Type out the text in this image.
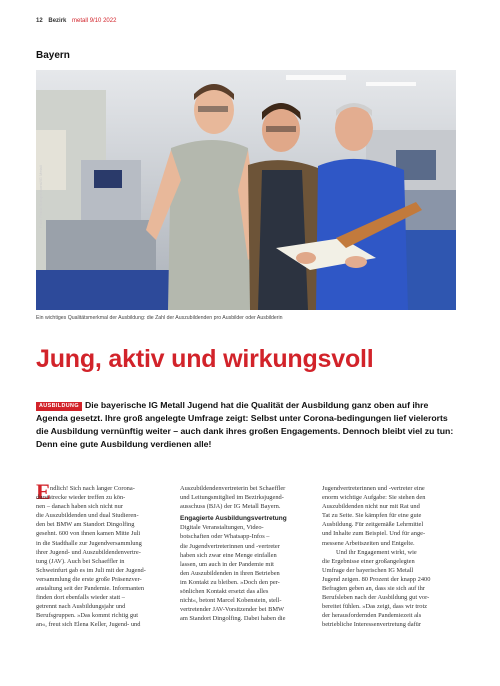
12 Bezirk metall 9/10 2022
Bayern
Foto: Frank Rumpenhorst/IG Metall
Ein wichtiges Qualitätsmerkmal der Ausbildung: die Zahl der Auszubildenden pro Ausbilder oder Ausbilderin
Jung, aktiv und wirkungsvoll
AUSBILDUNG Die bayerische IG Metall Jugend hat die Qualität der Ausbildung ganz oben auf ihre Agenda gesetzt. Ihre groß angelegte Umfrage zeigt: Selbst unter Corona-bedingungen lief vielerorts die Ausbildung vernünftig weiter – auch dank ihres großen Engagements. Dennoch bleibt viel zu tun: Denn eine gute Ausbildung verdienen alle!
E ndlich! Sich nach langer Corona-
durststrecke wieder treffen zu kön-
nen – danach haben sich nicht nur
die Auszubildenden und dual Studieren-
den bei BMW am Standort Dingolfing
gesehnt. 600 von ihnen kamen Mitte Juli
in die Stadthalle zur Jugendversammlung
ihrer Jugend- und Auszubildendenvertre-
tung (JAV). Auch bei Schaeffler in
Schweinfurt gab es im Juli mit der Jugend-
versammlung die erste große Präsenzver-
anstaltung seit der Pandemie. Informanten
finden dort ebenfalls wieder statt –
getrennt nach Ausbildungsjahr und
Berufsgruppen. »Das kommt richtig gut
an«, freut sich Elena Keller, Jugend- und
Auszubildendenvertreterin bei Schaeffler
und Leitungsmitglied im Bezirksjugend-
ausschuss (BJA) der IG Metall Bayern.
Engagierte Ausbildungsvertretung
Digitale Veranstaltungen, Video-
botschaften oder Whatsapp-Infos –
die Jugendvertreterinnen und -vertreter
haben sich zwar eine Menge einfallen
lassen, um auch in der Pandemie mit
den Auszubildenden in ihren Betrieben
im Kontakt zu bleiben. »Doch den per-
sönlichen Kontakt ersetzt das alles
nicht«, betont Marcel Kobenstein, stell-
vertretender JAV-Vorsitzender bei BMW
am Standort Dingolfing. Dabei haben die
Jugendvertreterinnen und -vertreter eine
enorm wichtige Aufgabe: Sie stehen den
Auszubildenden nicht nur mit Rat und
Tat zu Seite. Sie kämpfen für eine gute
Ausbildung. Für zeitgemäße Lehrmittel
und Inhalte zum Beispiel. Und für ange-
messene Arbeitszeiten und Entgelte.
Und ihr Engagement wirkt, wie
die Ergebnisse einer großangelegten
Umfrage der bayerischen IG Metall
Jugend zeigen. 80 Prozent der knapp 2400
Befragten geben an, dass sie sich auf ihr
Berufsleben nach der Ausbildung gut vor-
bereitet fühlen. »Das zeigt, dass wir trotz
der herausfordernden Pandemiezeit als
betriebliche Interessenvertretung dafür
